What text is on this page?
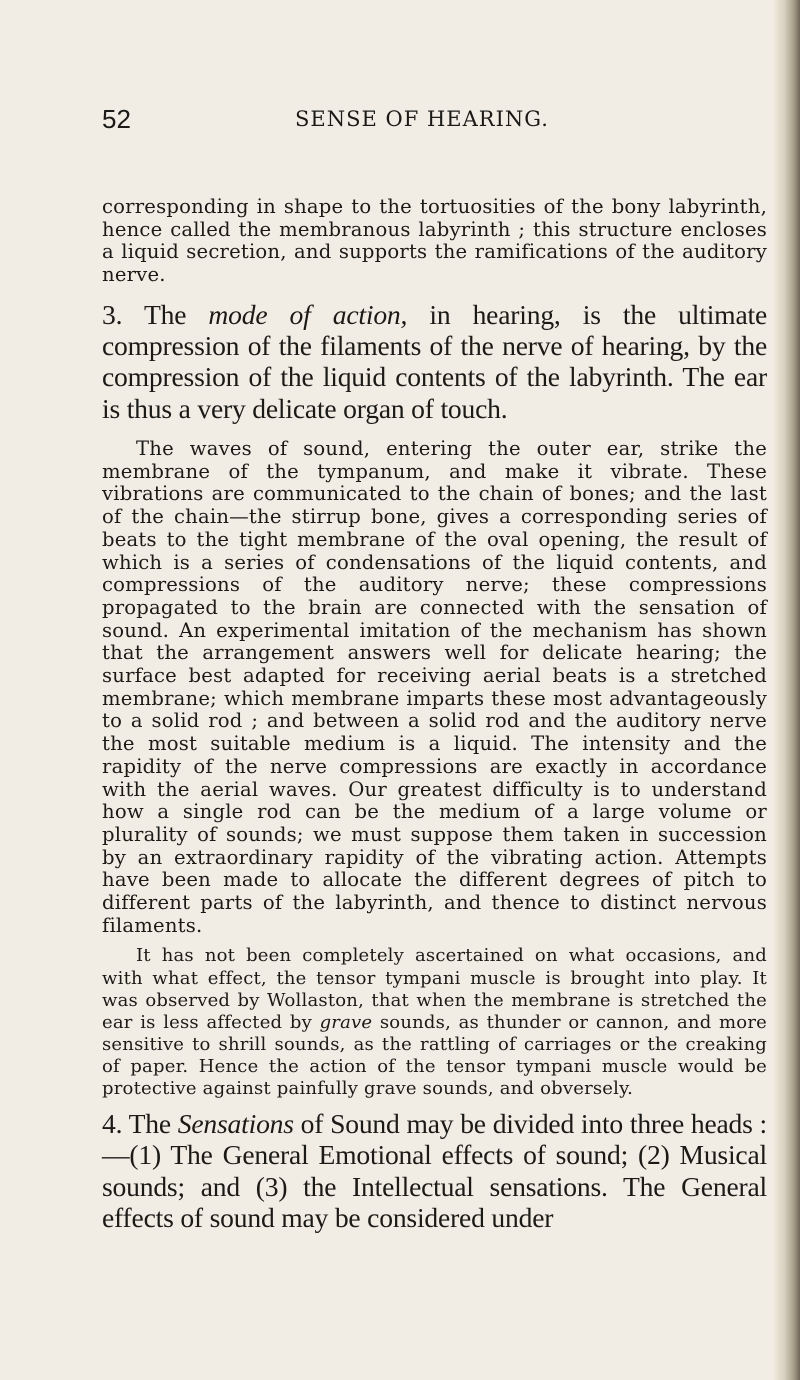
52	SENSE OF HEARING.

corresponding in shape to the tortuosities of the bony labyrinth, hence called the membranous labyrinth ; this structure encloses a liquid secretion, and supports the ramifications of the auditory nerve.

3. The mode of action, in hearing, is the ultimate compression of the filaments of the nerve of hearing, by the compression of the liquid contents of the labyrinth. The ear is thus a very delicate organ of touch.

The waves of sound, entering the outer ear, strike the membrane of the tympanum, and make it vibrate. These vibrations are communicated to the chain of bones; and the last of the chain—the stirrup bone, gives a corresponding series of beats to the tight membrane of the oval opening, the result of which is a series of condensations of the liquid contents, and compressions of the auditory nerve; these compressions propagated to the brain are connected with the sensation of sound. An experimental imitation of the mechanism has shown that the arrangement answers well for delicate hearing; the surface best adapted for receiving aerial beats is a stretched membrane; which membrane imparts these most advantageously to a solid rod ; and between a solid rod and the auditory nerve the most suitable medium is a liquid. The intensity and the rapidity of the nerve compressions are exactly in accordance with the aerial waves. Our greatest difficulty is to understand how a single rod can be the medium of a large volume or plurality of sounds; we must suppose them taken in succession by an extraordinary rapidity of the vibrating action. Attempts have been made to allocate the different degrees of pitch to different parts of the labyrinth, and thence to distinct nervous filaments.

It has not been completely ascertained on what occasions, and with what effect, the tensor tympani muscle is brought into play. It was observed by Wollaston, that when the membrane is stretched the ear is less affected by grave sounds, as thunder or cannon, and more sensitive to shrill sounds, as the rattling of carriages or the creaking of paper. Hence the action of the tensor tympani muscle would be protective against painfully grave sounds, and obversely.

4. The Sensations of Sound may be divided into three heads :—(1) The General Emotional effects of sound; (2) Musical sounds; and (3) the Intellectual sensations. The General effects of sound may be considered under
